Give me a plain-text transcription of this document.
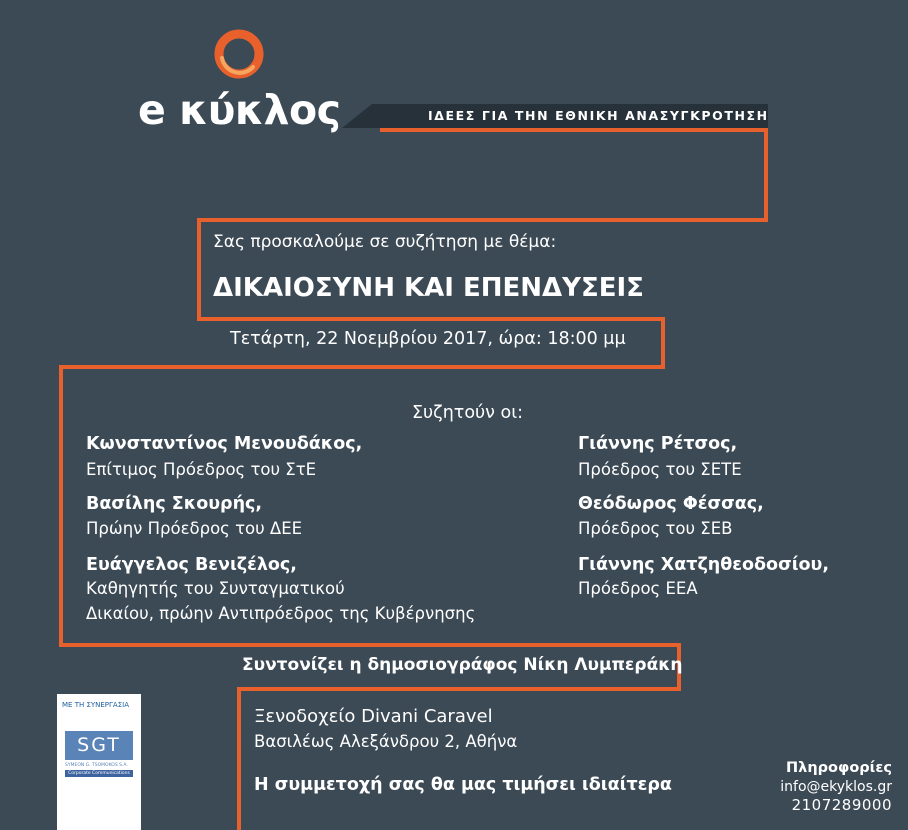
e κύκλος	ΙΔΕΕΣ ΓΙΑ ΤΗΝ ΕΘΝΙΚΗ ΑΝΑΣΥΓΚΡΟΤΗΣΗ
Σας προσκαλούμε σε συζήτηση με θέμα:
ΔΙΚΑΙΟΣΥΝΗ ΚΑΙ ΕΠΕΝΔΥΣΕΙΣ
Τετάρτη, 22 Νοεμβρίου 2017, ώρα: 18:00 μμ
Συζητούν οι:
Κωνσταντίνος Μενουδάκος,
Επίτιμος Πρόεδρος του ΣτΕ
Βασίλης Σκουρής,
Πρώην Πρόεδρος του ΔΕΕ
Ευάγγελος Βενιζέλος,
Καθηγητής του Συνταγματικού
Δικαίου, πρώην Αντιπρόεδρος της Κυβέρνησης
Γιάννης Ρέτσος,
Πρόεδρος του ΣΕΤΕ
Θεόδωρος Φέσσας,
Πρόεδρος του ΣΕΒ
Γιάννης Χατζηθεοδοσίου,
Πρόεδρος ΕΕΑ
Συντονίζει η δημοσιογράφος Νίκη Λυμπεράκη
Ξενοδοχείο Divani Caravel
Βασιλέως Αλεξάνδρου 2, Αθήνα
Η συμμετοχή σας θα μας τιμήσει ιδιαίτερα
ΜΕ ΤΗ ΣΥΝΕΡΓΑΣΙΑ
SGT
SYMEON G. TSOMOKOS S.A.
Corporate Communications	Πληροφορίες
info@ekyklos.gr
2107289000
